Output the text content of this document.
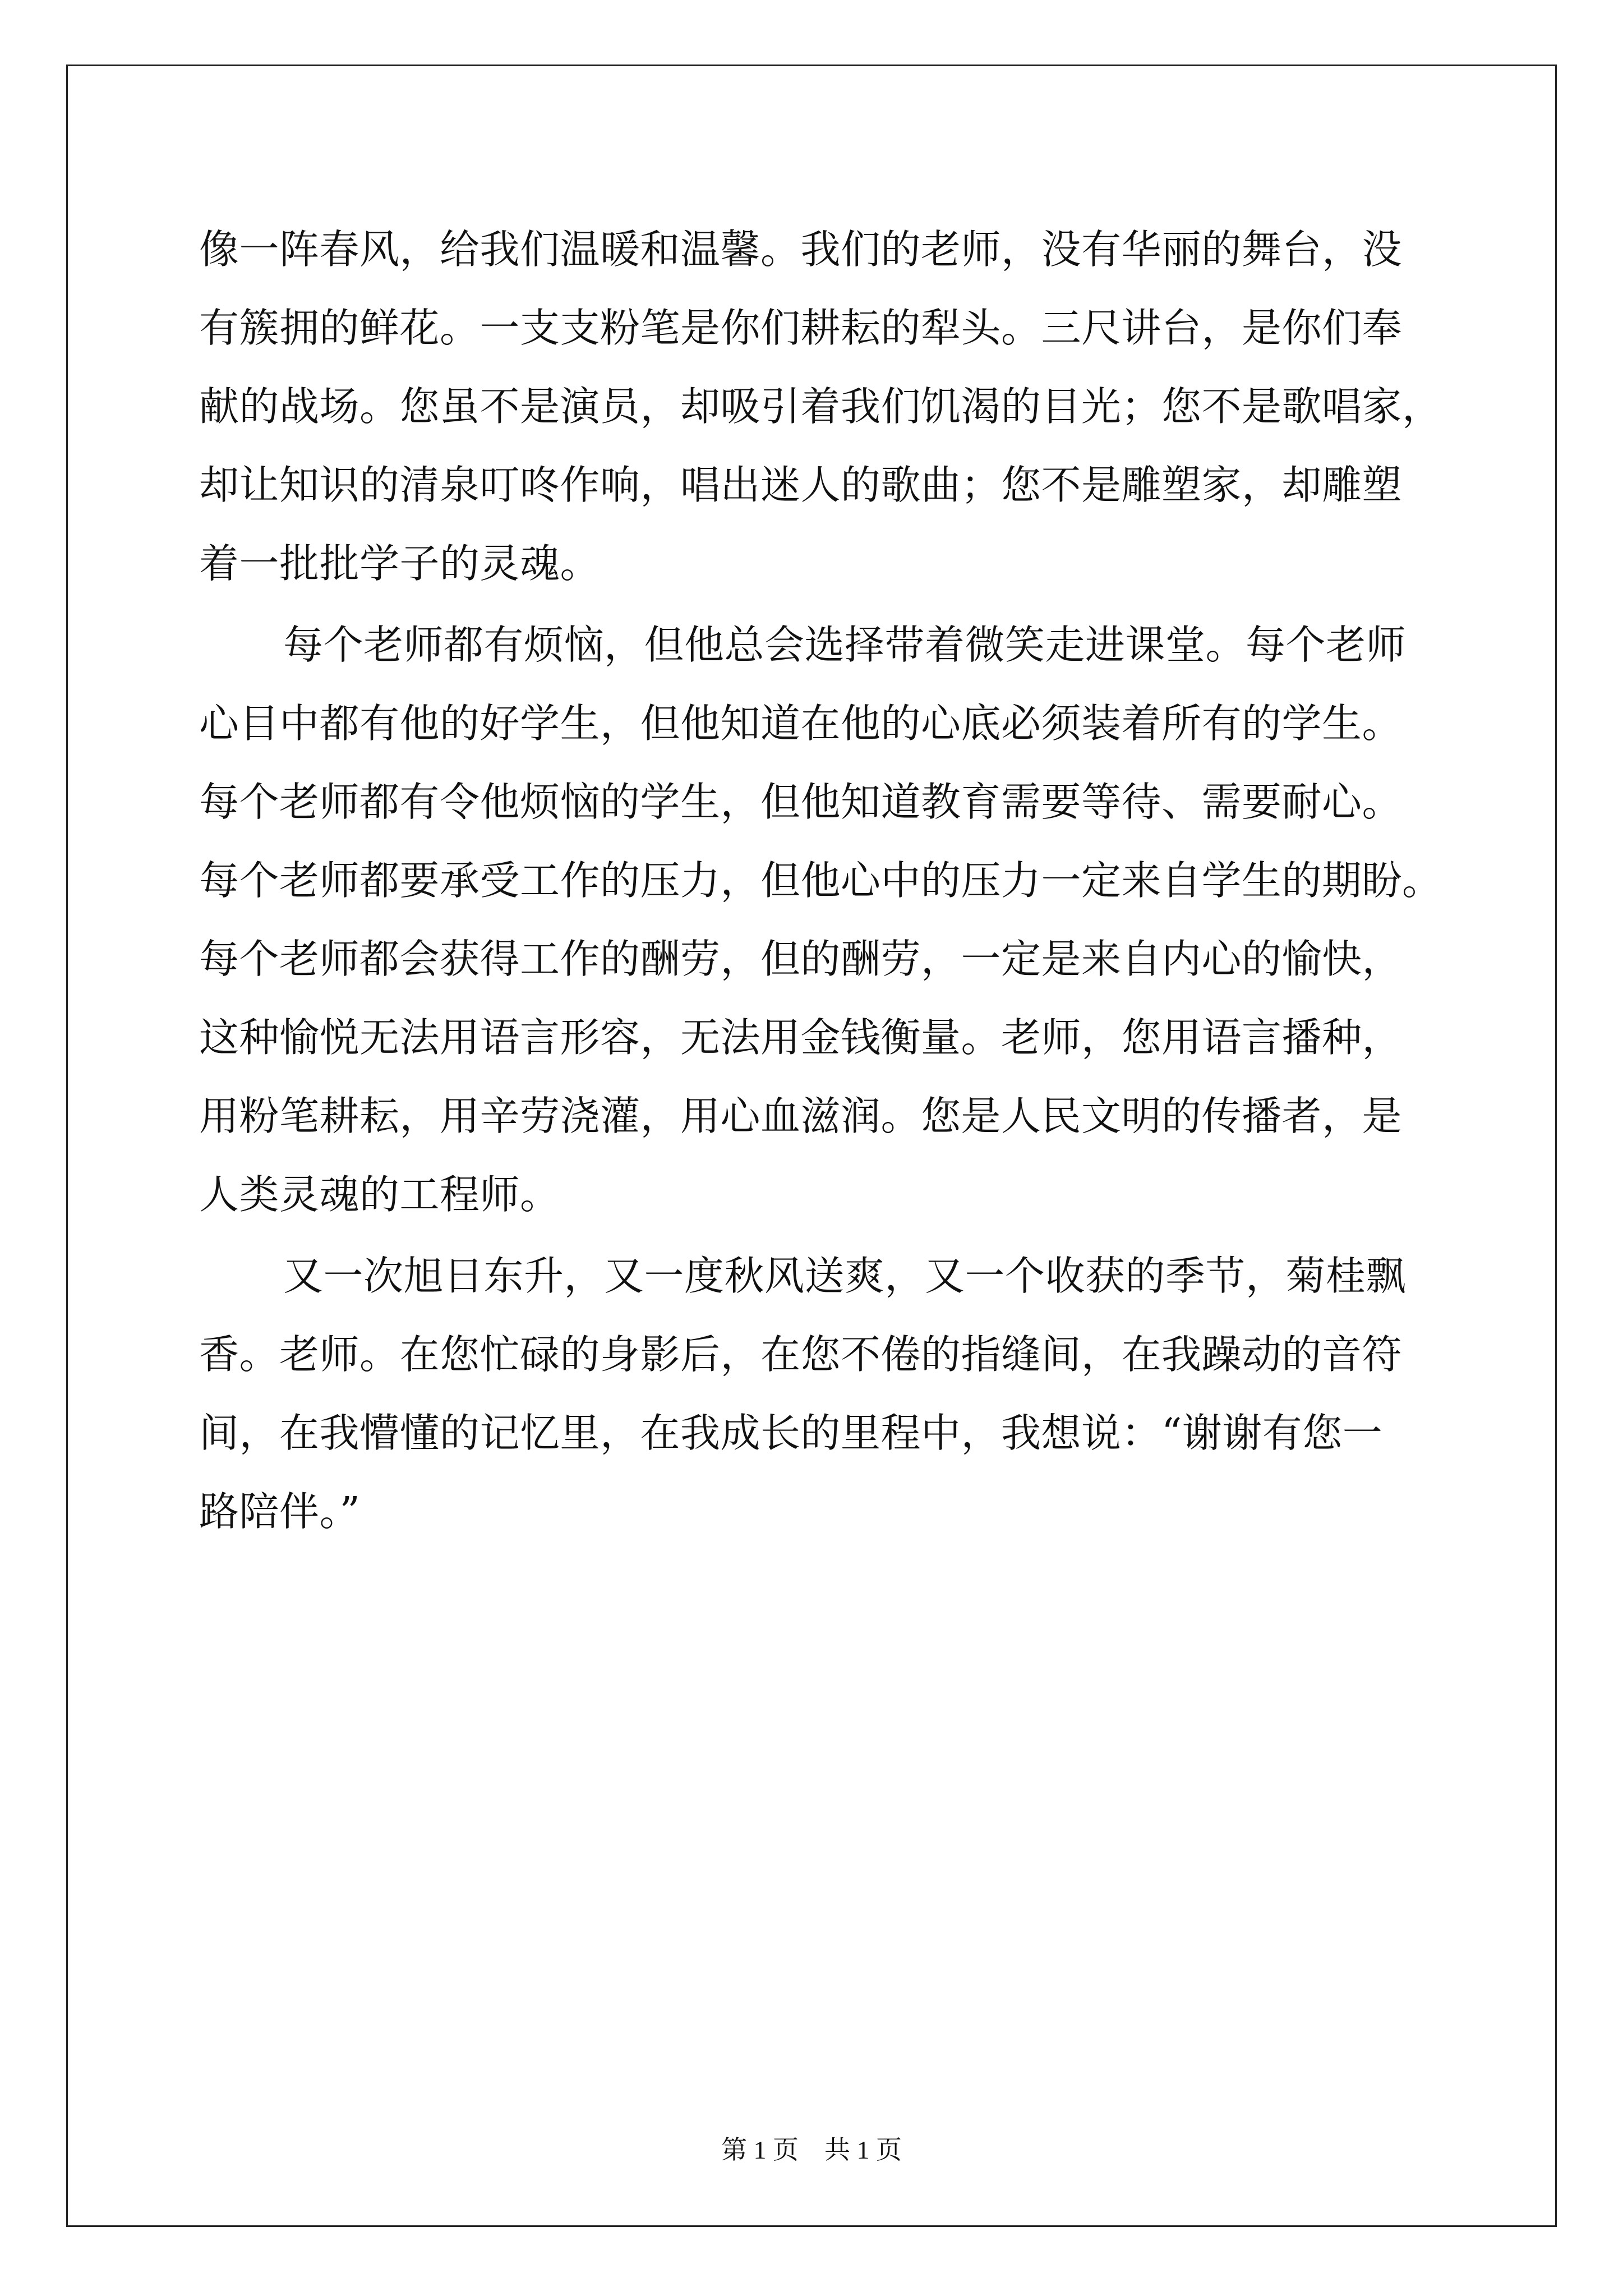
像一阵春风，给我们温暖和温馨。我们的老师，没有华丽的舞台，没
有簇拥的鲜花。一支支粉笔是你们耕耘的犁头。三尺讲台，是你们奉
献的战场。您虽不是演员，却吸引着我们饥渴的目光；您不是歌唱家，
却让知识的清泉叮咚作响，唱出迷人的歌曲；您不是雕塑家，却雕塑
着一批批学子的灵魂。
每个老师都有烦恼，但他总会选择带着微笑走进课堂。每个老师
心目中都有他的好学生，但他知道在他的心底必须装着所有的学生。
每个老师都有令他烦恼的学生，但他知道教育需要等待、需要耐心。
每个老师都要承受工作的压力，但他心中的压力一定来自学生的期盼。
每个老师都会获得工作的酬劳，但的酬劳，一定是来自内心的愉快，
这种愉悦无法用语言形容，无法用金钱衡量。老师，您用语言播种，
用粉笔耕耘，用辛劳浇灌，用心血滋润。您是人民文明的传播者，是
人类灵魂的工程师。
又一次旭日东升，又一度秋风送爽，又一个收获的季节，菊桂飘
香。老师。在您忙碌的身影后，在您不倦的指缝间，在我躁动的音符
间，在我懵懂的记忆里，在我成长的里程中，我想说：“谢谢有您一
路陪伴。”
第 1 页　共 1 页
